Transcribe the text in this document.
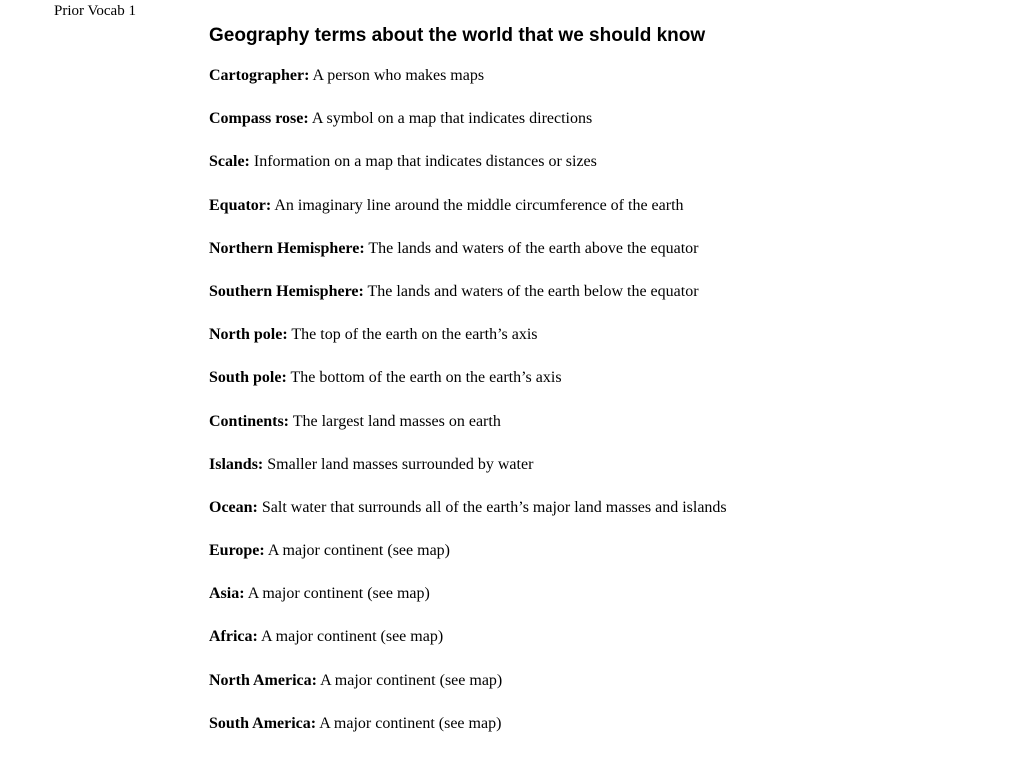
Prior Vocab 1

Geography terms about the world that we should know
Cartographer: A person who makes maps
Compass rose: A symbol on a map that indicates directions
Scale: Information on a map that indicates distances or sizes
Equator: An imaginary line around the middle circumference of the earth
Northern Hemisphere: The lands and waters of the earth above the equator
Southern Hemisphere: The lands and waters of the earth below the equator
North pole: The top of the earth on the earth’s axis
South pole: The bottom of the earth on the earth’s axis
Continents: The largest land masses on earth
Islands: Smaller land masses surrounded by water
Ocean: Salt water that surrounds all of the earth’s major land masses and islands
Europe: A major continent (see map)
Asia: A major continent (see map)
Africa: A major continent (see map)
North America: A major continent (see map)
South America: A major continent (see map)
